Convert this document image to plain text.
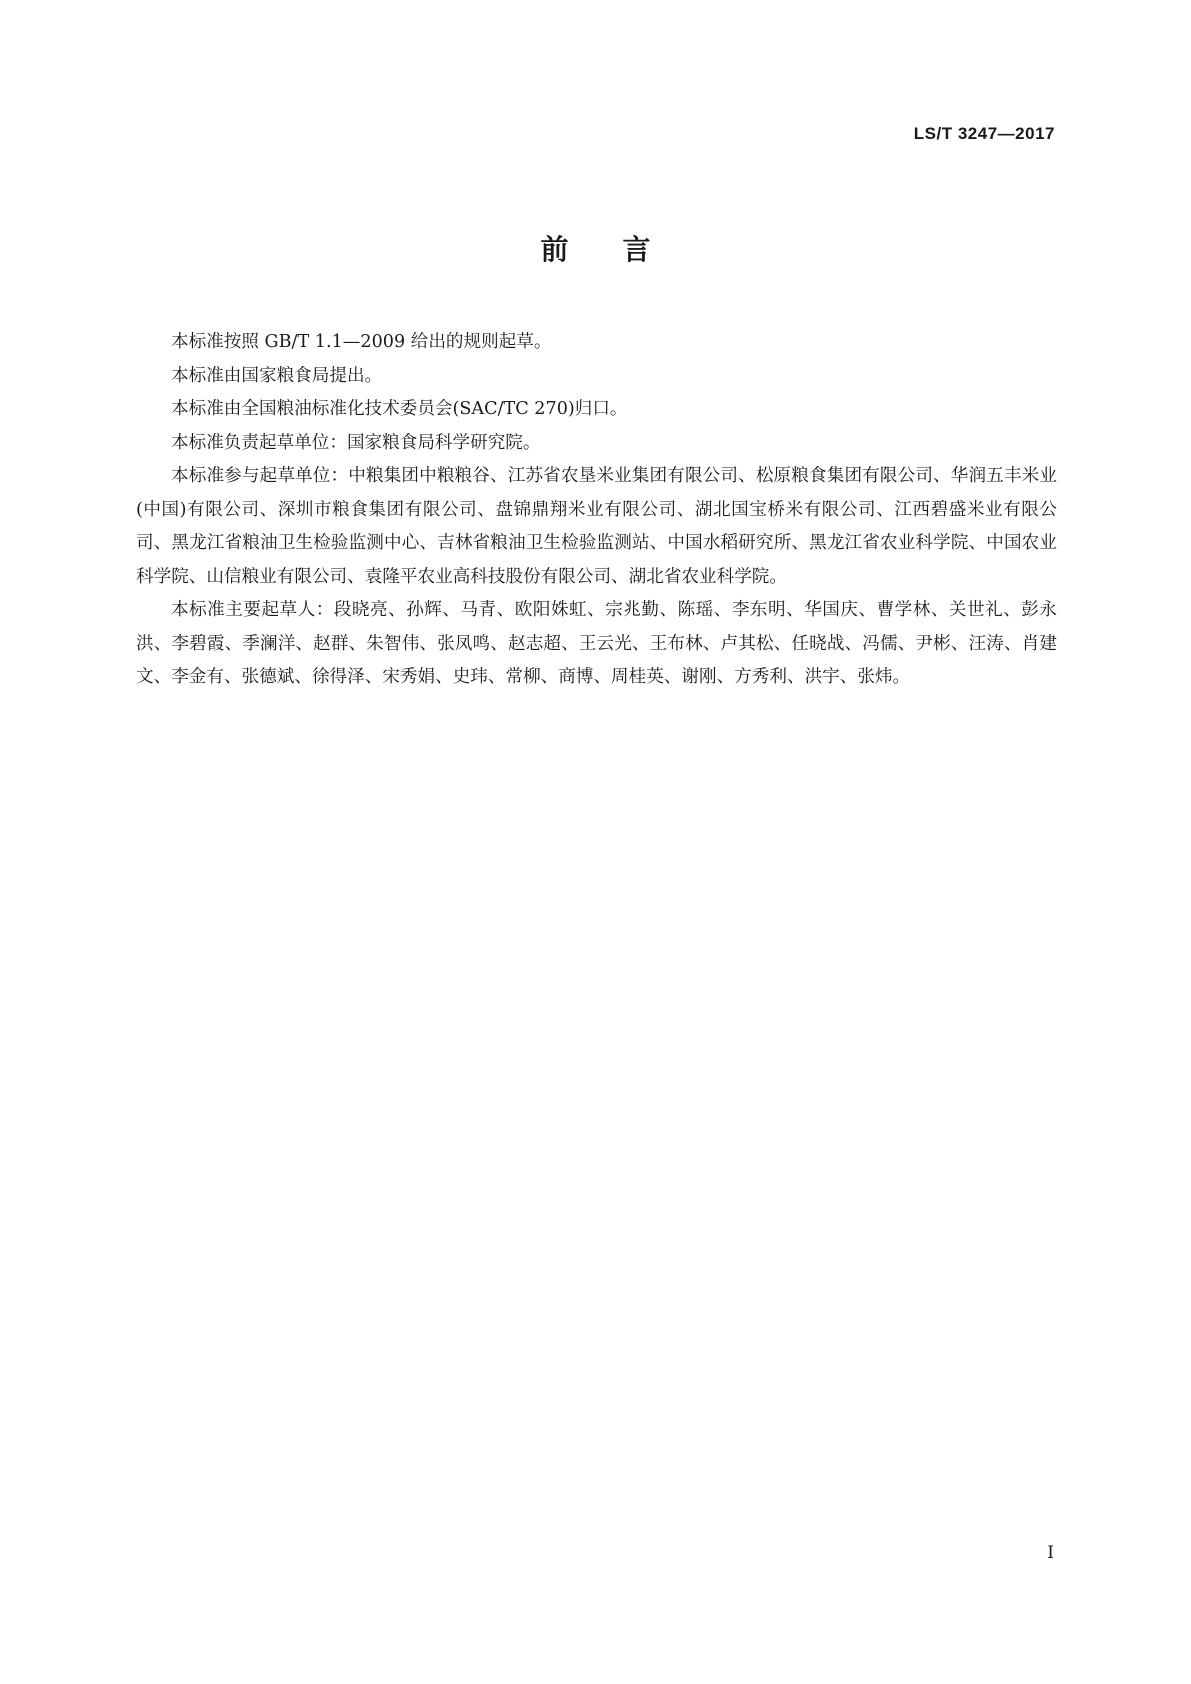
LS/T 3247—2017
前 言

本标准按照 GB/T 1.1—2009 给出的规则起草。

本标准由国家粮食局提出。

本标准由全国粮油标准化技术委员会(SAC/TC 270)归口。

本标准负责起草单位：国家粮食局科学研究院。

本标准参与起草单位：中粮集团中粮粮谷、江苏省农垦米业集团有限公司、松原粮食集团有限公司、华润五丰米业(中国)有限公司、深圳市粮食集团有限公司、盘锦鼎翔米业有限公司、湖北国宝桥米有限公司、江西碧盛米业有限公司、黑龙江省粮油卫生检验监测中心、吉林省粮油卫生检验监测站、中国水稻研究所、黑龙江省农业科学院、中国农业科学院、山信粮业有限公司、袁隆平农业高科技股份有限公司、湖北省农业科学院。

本标准主要起草人：段晓亮、孙辉、马青、欧阳姝虹、宗兆勤、陈瑶、李东明、华国庆、曹学林、关世礼、彭永洪、李碧霞、季澜洋、赵群、朱智伟、张凤鸣、赵志超、王云光、王布林、卢其松、任晓战、冯儒、尹彬、汪涛、肖建文、李金有、张德斌、徐得泽、宋秀娟、史玮、常柳、商博、周桂英、谢刚、方秀利、洪宇、张炜。

I
